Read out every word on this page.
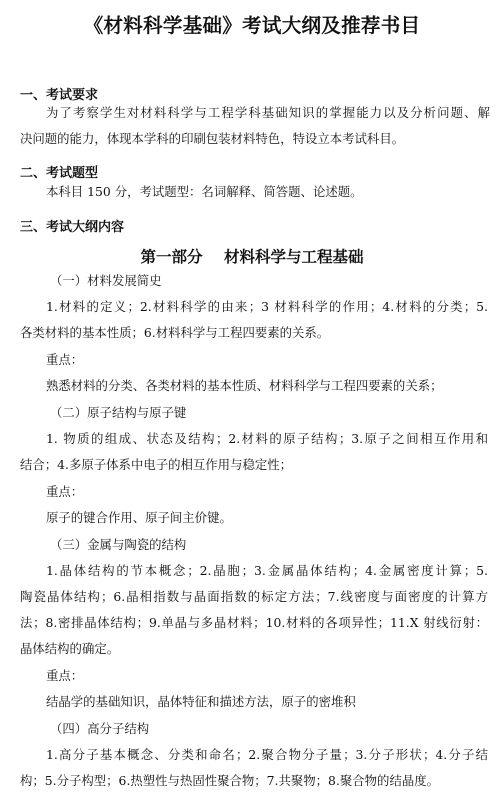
《材料科学基础》考试大纲及推荐书目
一、考试要求
为了考察学生对材料科学与工程学科基础知识的掌握能力以及分析问题、解
决问题的能力，体现本学科的印刷包装材料特色，特设立本考试科目。
二、考试题型
本科目 150 分，考试题型：名词解释、简答题、论述题。
三、考试大纲内容
第一部分    材料科学与工程基础
（一）材料发展简史
1.材料的定义；2.材料科学的由来；3 材料科学的作用；4.材料的分类；5.
各类材料的基本性质；6.材料科学与工程四要素的关系。
重点：
熟悉材料的分类、各类材料的基本性质、材料科学与工程四要素的关系；
（二）原子结构与原子键
1. 物质的组成、状态及结构；2.材料的原子结构；3.原子之间相互作用和
结合；4.多原子体系中电子的相互作用与稳定性；
重点：
原子的键合作用、原子间主价键。
（三）金属与陶瓷的结构
1.晶体结构的节本概念；2.晶胞；3.金属晶体结构；4.金属密度计算；5.
陶瓷晶体结构；6.晶相指数与晶面指数的标定方法；7.线密度与面密度的计算方
法；8.密排晶体结构；9.单晶与多晶材料；10.材料的各项异性；11.X 射线衍射：
晶体结构的确定。
重点：
结晶学的基础知识，晶体特征和描述方法，原子的密堆积
（四）高分子结构
1.高分子基本概念、分类和命名；2.聚合物分子量；3.分子形状；4.分子结
构；5.分子构型；6.热塑性与热固性聚合物；7.共聚物；8.聚合物的结晶度。
